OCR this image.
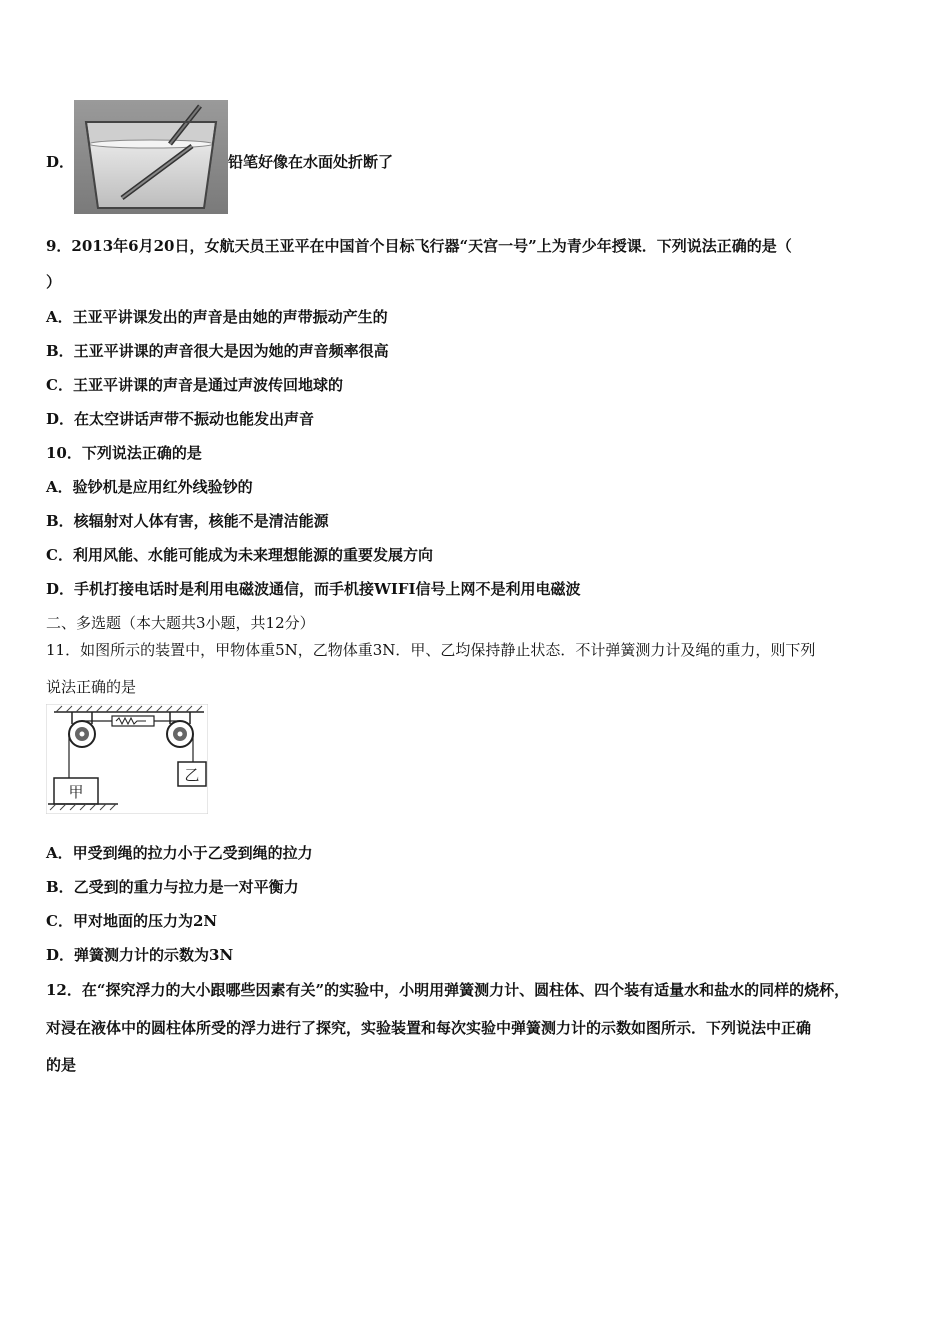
D．	铅笔好像在水面处折断了
9．2013年6月20日，女航天员王亚平在中国首个目标飞行器“天宫一号”上为青少年授课．下列说法正确的是（
）
A．王亚平讲课发出的声音是由她的声带振动产生的
B．王亚平讲课的声音很大是因为她的声音频率很高
C．王亚平讲课的声音是通过声波传回地球的
D．在太空讲话声带不振动也能发出声音
10．下列说法正确的是
A．验钞机是应用红外线验钞的
B．核辐射对人体有害，核能不是清洁能源
C．利用风能、水能可能成为未来理想能源的重要发展方向
D．手机打接电话时是利用电磁波通信，而手机接WIFI信号上网不是利用电磁波
二、多选题（本大题共3小题，共12分）
11．如图所示的装置中，甲物体重5N，乙物体重3N．甲、乙均保持静止状态．不计弹簧测力计及绳的重力，则下列
说法正确的是
乙
甲
A．甲受到绳的拉力小于乙受到绳的拉力
B．乙受到的重力与拉力是一对平衡力
C．甲对地面的压力为2N
D．弹簧测力计的示数为3N
12．在“探究浮力的大小跟哪些因素有关”的实验中，小明用弹簧测力计、圆柱体、四个装有适量水和盐水的同样的烧杯，
对浸在液体中的圆柱体所受的浮力进行了探究，实验装置和每次实验中弹簧测力计的示数如图所示．下列说法中正确
的是
